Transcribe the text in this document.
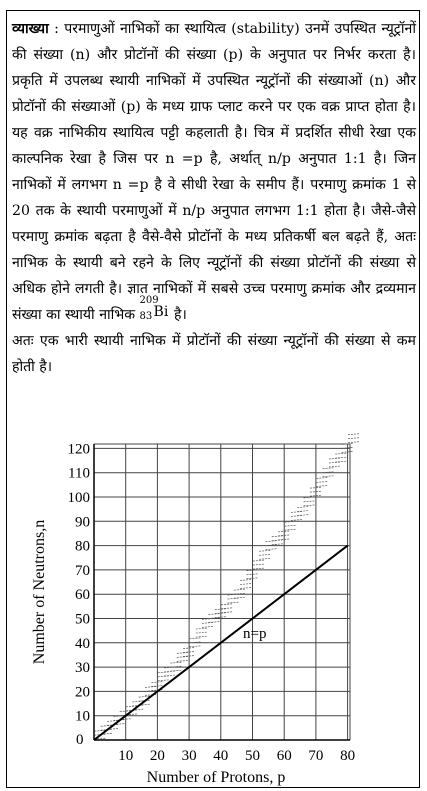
व्याख्या : परमाणुओं नाभिकों का स्थायित्व (stability) उनमें उपस्थित न्यूट्रॉनों की संख्या (n) और प्रोटॉनों की संख्या (p) के अनुपात पर निर्भर करता है। प्रकृति में उपलब्ध स्थायी नाभिकों में उपस्थित न्यूट्रॉनों की संख्याओं (n) और प्रोटॉनों की संख्याओं (p) के मध्य ग्राफ प्लाट करने पर एक वक्र प्राप्त होता है। यह वक्र नाभिकीय स्थायित्व पट्टी कहलाती है। चित्र में प्रदर्शित सीधी रेखा एक काल्पनिक रेखा है जिस पर n =p है, अर्थात् n/p अनुपात 1:1 है। जिन नाभिकों में लगभग n =p है वे सीधी रेखा के समीप हैं। परमाणु क्रमांक 1 से 20 तक के स्थायी परमाणुओं में n/p अनुपात लगभग 1:1 होता है। जैसे-जैसे परमाणु क्रमांक बढ़ता है वैसे-वैसे प्रोटॉनों के मध्य प्रतिकर्षी बल बढ़ते हैं, अतः नाभिक के स्थायी बने रहने के लिए न्यूट्रॉनों की संख्या प्रोटॉनों की संख्या से अधिक होने लगती है। ज्ञात नाभिकों में सबसे उच्च परमाणु क्रमांक और द्रव्यमान संख्या का स्थायी नाभिक
209
83 Bi है।

अतः एक भारी स्थायी नाभिक में प्रोटॉनों की संख्या न्यूट्रॉनों की संख्या से कम होती है।

n=p
10 20 30 40 50 60 70 80
10
20
30
40
50
60
70
80
90
100
110
120
0
Number of Protons, p
Number of Neutrons,n
